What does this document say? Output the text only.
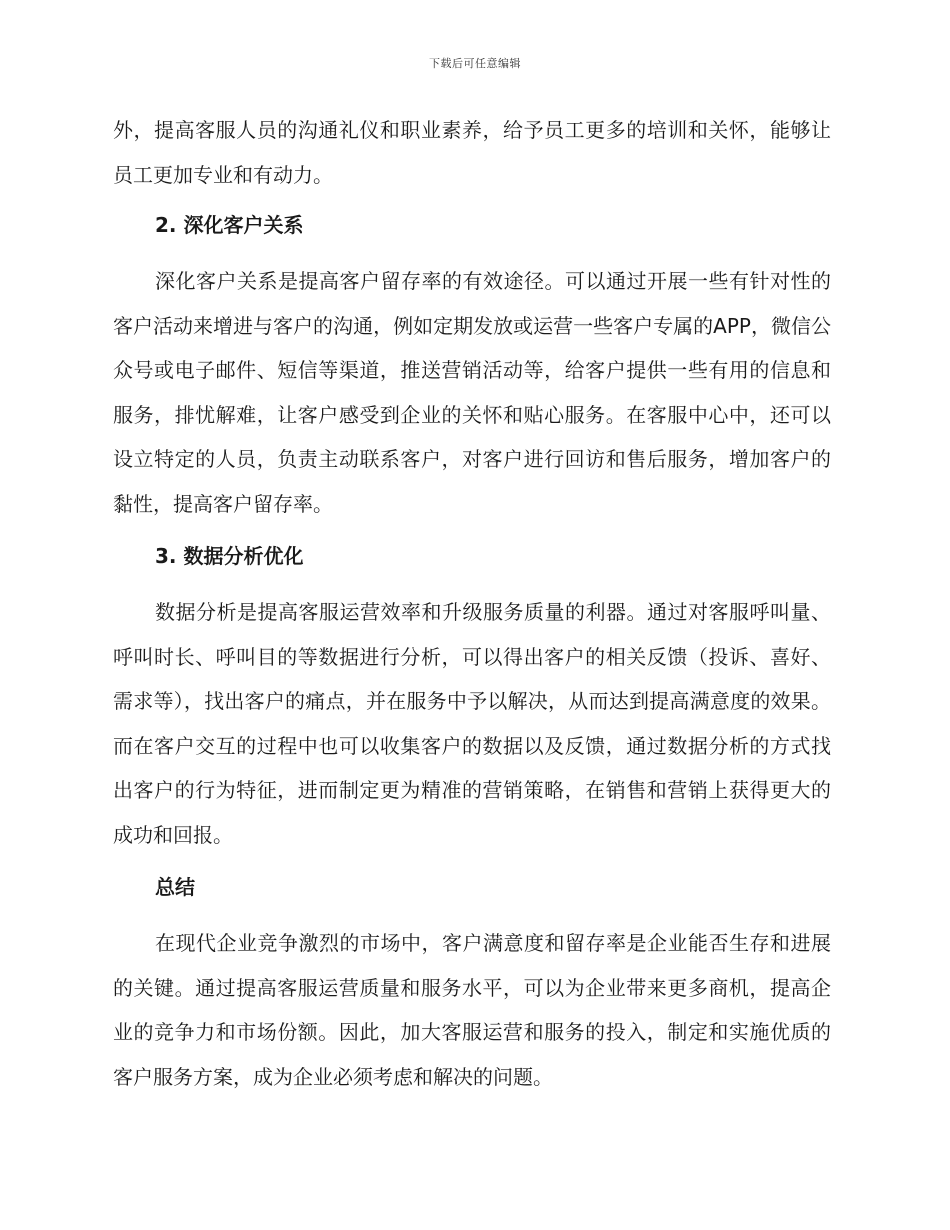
下载后可任意编辑

外，提高客服人员的沟通礼仪和职业素养，给予员工更多的培训和关怀，能够让员工更加专业和有动力。

2. 深化客户关系

深化客户关系是提高客户留存率的有效途径。可以通过开展一些有针对性的客户活动来增进与客户的沟通，例如定期发放或运营一些客户专属的APP，微信公众号或电子邮件、短信等渠道，推送营销活动等，给客户提供一些有用的信息和服务，排忧解难，让客户感受到企业的关怀和贴心服务。在客服中心中，还可以设立特定的人员，负责主动联系客户，对客户进行回访和售后服务，增加客户的黏性，提高客户留存率。

3. 数据分析优化

数据分析是提高客服运营效率和升级服务质量的利器。通过对客服呼叫量、呼叫时长、呼叫目的等数据进行分析，可以得出客户的相关反馈（投诉、喜好、需求等），找出客户的痛点，并在服务中予以解决，从而达到提高满意度的效果。而在客户交互的过程中也可以收集客户的数据以及反馈，通过数据分析的方式找出客户的行为特征，进而制定更为精准的营销策略，在销售和营销上获得更大的成功和回报。

总结

在现代企业竞争激烈的市场中，客户满意度和留存率是企业能否生存和进展的关键。通过提高客服运营质量和服务水平，可以为企业带来更多商机，提高企业的竞争力和市场份额。因此，加大客服运营和服务的投入，制定和实施优质的客户服务方案，成为企业必须考虑和解决的问题。
